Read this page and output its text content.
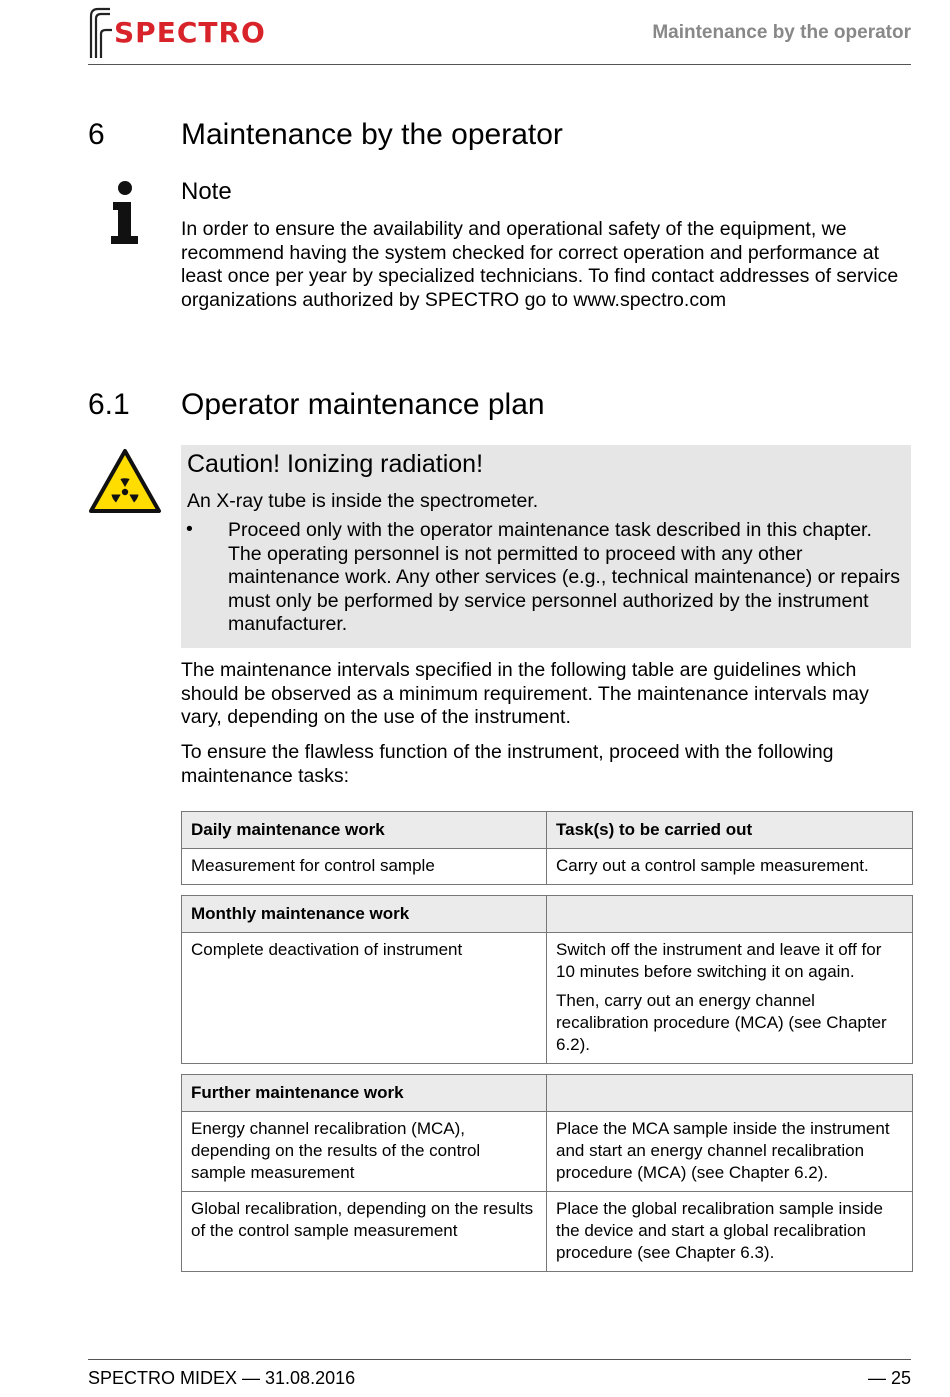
SPECTRO	Maintenance by the operator
6	Maintenance by the operator
Note
In order to ensure the availability and operational safety of the equipment, we recommend having the system checked for correct operation and performance at least once per year by specialized technicians. To find contact addresses of service organizations authorized by SPECTRO go to www.spectro.com
6.1 Operator maintenance plan
Caution! Ionizing radiation!
An X-ray tube is inside the spectrometer.
• Proceed only with the operator maintenance task described in this chapter. The operating personnel is not permitted to proceed with any other maintenance work. Any other services (e.g., technical maintenance) or repairs must only be performed by service personnel authorized by the instrument manufacturer.
The maintenance intervals specified in the following table are guidelines which should be observed as a minimum requirement. The maintenance intervals may vary, depending on the use of the instrument.
To ensure the flawless function of the instrument, proceed with the following maintenance tasks:
Daily maintenance work	Task(s) to be carried out
Measurement for control sample	Carry out a control sample measurement.

Monthly maintenance work	
Complete deactivation of instrument	Switch off the instrument and leave it off for 10 minutes before switching it on again.

Then, carry out an energy channel recalibration procedure (MCA) (see Chapter 6.2).

Further maintenance work	
Energy channel recalibration (MCA), depending on the results of the control sample measurement	Place the MCA sample inside the instrument and start an energy channel recalibration procedure (MCA) (see Chapter 6.2).

Global recalibration, depending on the results of the control sample measurement	Place the global recalibration sample inside the device and start a global recalibration procedure (see Chapter 6.3).

SPECTRO MIDEX — 31.08.2016	— 25
